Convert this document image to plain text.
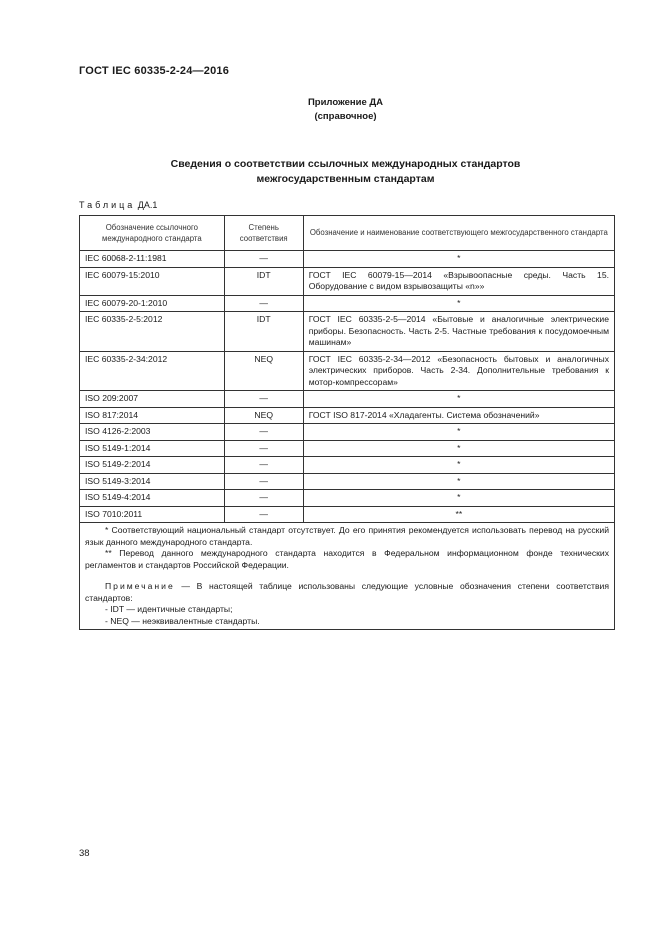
ГОСТ IEC 60335-2-24—2016
Приложение ДА
(справочное)
Сведения о соответствии ссылочных международных стандартов
межгосударственным стандартам
Таблица ДА.1
Обозначение ссылочного международного стандарта	Степень соответствия	Обозначение и наименование соответствующего межгосударственного стандарта
IEC 60068-2-11:1981	—	*
IEC 60079-15:2010	IDT	ГОСТ IEC 60079-15—2014 «Взрывоопасные среды. Часть 15. Оборудование с видом взрывозащиты «n»»
IEC 60079-20-1:2010	—	*
IEC 60335-2-5:2012	IDT	ГОСТ IEC 60335-2-5—2014 «Бытовые и аналогичные электрические приборы. Безопасность. Часть 2-5. Частные требования к посудомоечным машинам»
IEC 60335-2-34:2012	NEQ	ГОСТ IEC 60335-2-34—2012 «Безопасность бытовых и аналогичных электрических приборов. Часть 2-34. Дополнительные требования к мотор-компрессорам»
ISO 209:2007	—	*
ISO 817:2014	NEQ	ГОСТ ISO 817-2014 «Хладагенты. Система обозначений»
ISO 4126-2:2003	—	*
ISO 5149-1:2014	—	*
ISO 5149-2:2014	—	*
ISO 5149-3:2014	—	*
ISO 5149-4:2014	—	*
ISO 7010:2011	—	**

* Соответствующий национальный стандарт отсутствует. До его принятия рекомендуется использовать перевод на русский язык данного международного стандарта.

** Перевод данного международного стандарта находится в Федеральном информационном фонде технических регламентов и стандартов Российской Федерации.

Примечание — В настоящей таблице использованы следующие условные обозначения степени соответствия стандартов:

- IDT — идентичные стандарты;

- NEQ — неэквивалентные стандарты.		

38
